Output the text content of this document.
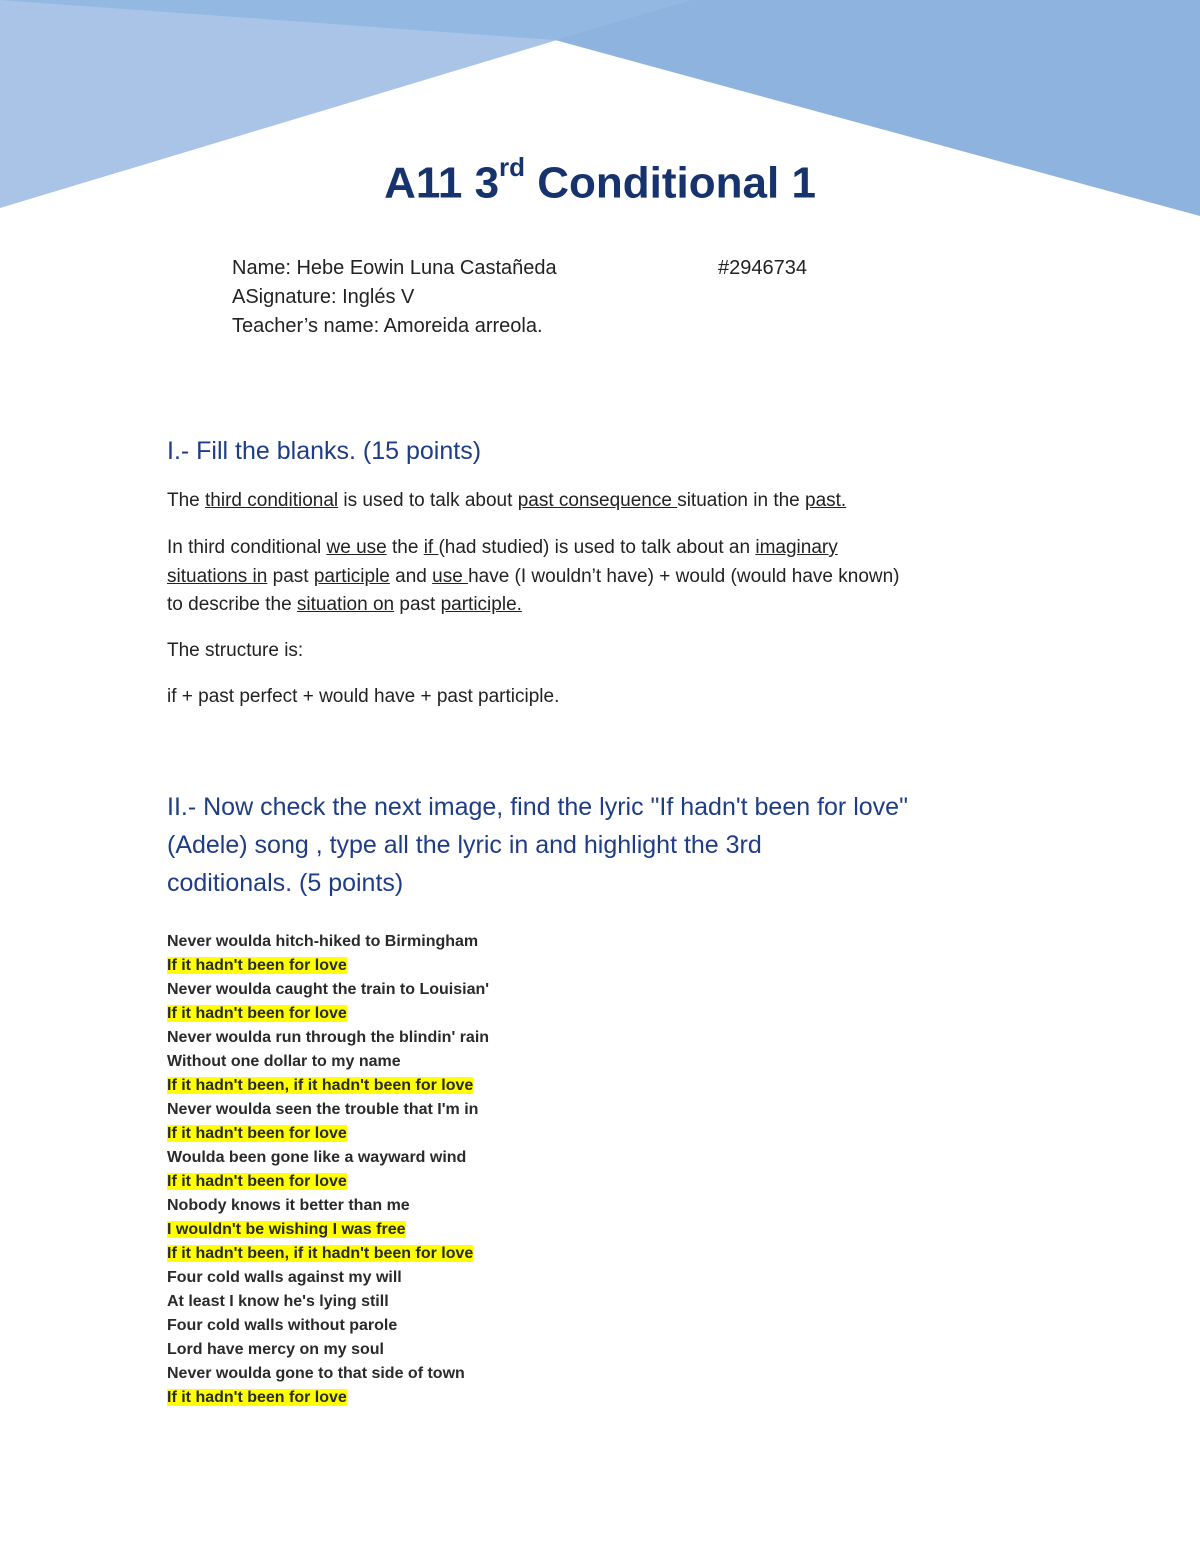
A11 3rd Conditional 1
Name: Hebe Eowin Luna Castañeda
ASignature: Inglés V
Teacher’s name: Amoreida arreola.
#2946734
I.- Fill the blanks. (15 points)
The third conditional is used to talk about past consequence situation in the past.
In third conditional we use the if (had studied) is used to talk about an imaginary
situations in past participle and use have (I wouldn’t have) + would (would have known)
to describe the situation on past participle.
The structure is:
if + past perfect + would have + past participle.
II.- Now check the next image, find the lyric "If hadn't been for love"
(Adele) song , type all the lyric in and highlight the 3rd
coditionals. (5 points)
Never woulda hitch-hiked to Birmingham
If it hadn't been for love
Never woulda caught the train to Louisian'
If it hadn't been for love
Never woulda run through the blindin' rain
Without one dollar to my name
If it hadn't been, if it hadn't been for love
Never woulda seen the trouble that I'm in
If it hadn't been for love
Woulda been gone like a wayward wind
If it hadn't been for love
Nobody knows it better than me
I wouldn't be wishing I was free
If it hadn't been, if it hadn't been for love
Four cold walls against my will
At least I know he's lying still
Four cold walls without parole
Lord have mercy on my soul
Never woulda gone to that side of town
If it hadn't been for love
